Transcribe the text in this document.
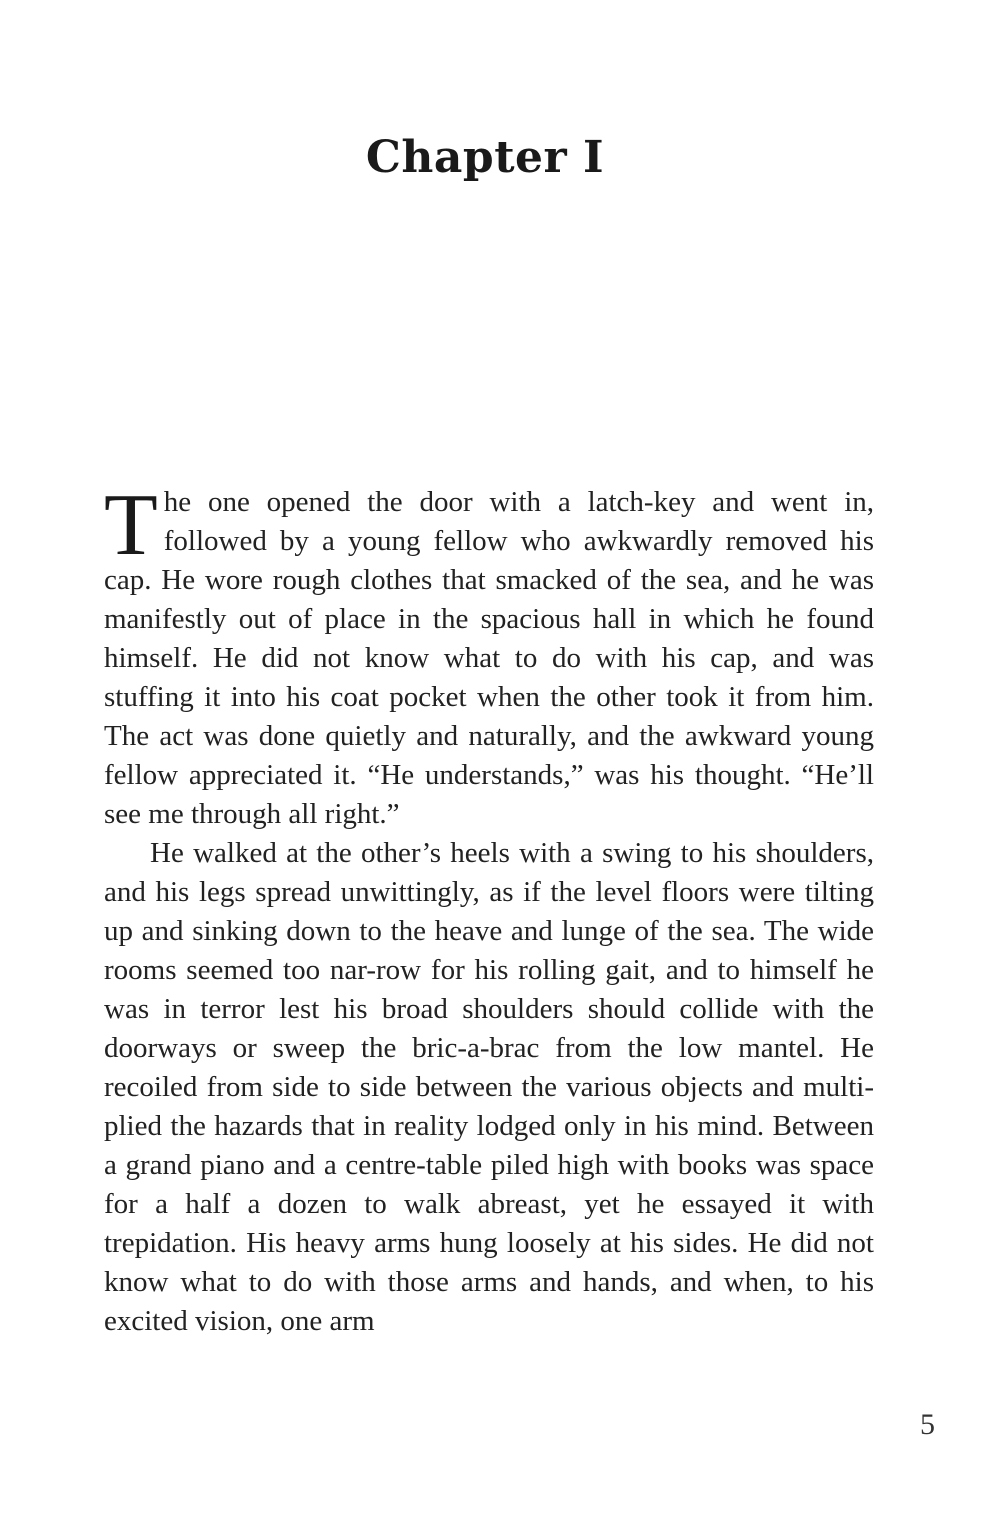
Chapter I

The one opened the door with a latch-key and went in, followed by a young fellow who awkwardly removed his cap. He wore rough clothes that smacked of the sea, and he was manifestly out of place in the spacious hall in which he found himself. He did not know what to do with his cap, and was stuffing it into his coat pocket when the other took it from him. The act was done quietly and naturally, and the awkward young fellow appreciated it. “He understands,” was his thought. “He’ll see me through all right.”

He walked at the other’s heels with a swing to his shoulders, and his legs spread unwittingly, as if the level floors were tilting up and sinking down to the heave and lunge of the sea. The wide rooms seemed too nar-row for his rolling gait, and to himself he was in terror lest his broad shoulders should collide with the doorways or sweep the bric-a-brac from the low mantel. He recoiled from side to side between the various objects and multi-plied the hazards that in reality lodged only in his mind. Between a grand piano and a centre-table piled high with books was space for a half a dozen to walk abreast, yet he essayed it with trepidation. His heavy arms hung loosely at his sides. He did not know what to do with those arms and hands, and when, to his excited vision, one arm

5
